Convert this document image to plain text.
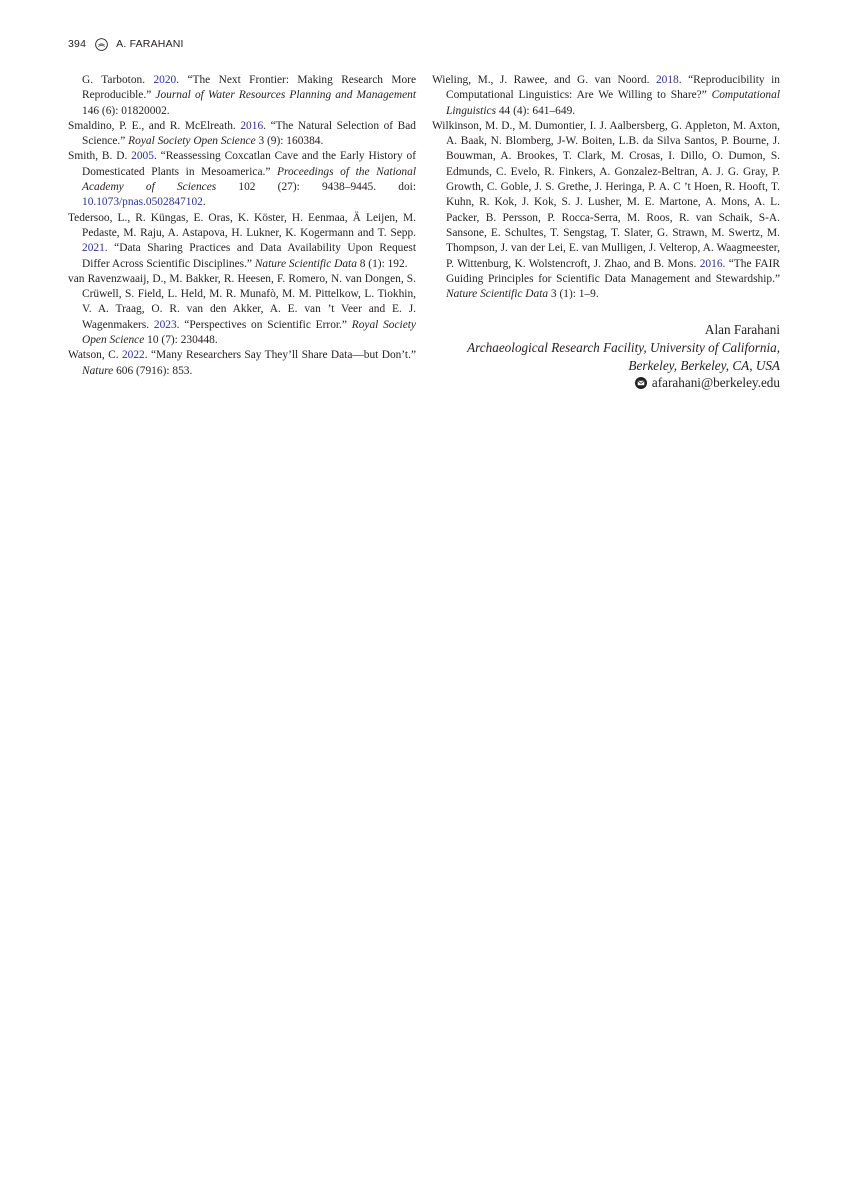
394	A. FARAHANI

G. Tarboton. 2020. “The Next Frontier: Making Research More Reproducible.” Journal of Water Resources Planning and Management 146 (6): 01820002.

Smaldino, P. E., and R. McElreath. 2016. “The Natural Selection of Bad Science.” Royal Society Open Science 3 (9): 160384.

Smith, B. D. 2005. “Reassessing Coxcatlan Cave and the Early History of Domesticated Plants in Mesoamerica.” Proceedings of the National Academy of Sciences 102 (27): 9438–9445. doi: 10.1073/pnas.0502847102.

Tedersoo, L., R. Küngas, E. Oras, K. Köster, H. Eenmaa, Ä Leijen, M. Pedaste, M. Raju, A. Astapova, H. Lukner, K. Kogermann and T. Sepp. 2021. “Data Sharing Practices and Data Availability Upon Request Differ Across Scientific Disciplines.” Nature Scientific Data 8 (1): 192.

van Ravenzwaaij, D., M. Bakker, R. Heesen, F. Romero, N. van Dongen, S. Crüwell, S. Field, L. Held, M. R. Munafò, M. M. Pittelkow, L. Tiokhin, V. A. Traag, O. R. van den Akker, A. E. van ’t Veer and E. J. Wagenmakers. 2023. “Perspectives on Scientific Error.” Royal Society Open Science 10 (7): 230448.

Watson, C. 2022. “Many Researchers Say They’ll Share Data—but Don’t.” Nature 606 (7916): 853.

Wieling, M., J. Rawee, and G. van Noord. 2018. “Reproducibility in Computational Linguistics: Are We Willing to Share?” Computational Linguistics 44 (4): 641–649.

Wilkinson, M. D., M. Dumontier, I. J. Aalbersberg, G. Appleton, M. Axton, A. Baak, N. Blomberg, J-W. Boiten, L.B. da Silva Santos, P. Bourne, J. Bouwman, A. Brookes, T. Clark, M. Crosas, I. Dillo, O. Dumon, S. Edmunds, C. Evelo, R. Finkers, A. Gonzalez-Beltran, A. J. G. Gray, P. Growth, C. Goble, J. S. Grethe, J. Heringa, P. A. C ’t Hoen, R. Hooft, T. Kuhn, R. Kok, J. Kok, S. J. Lusher, M. E. Martone, A. Mons, A. L. Packer, B. Persson, P. Rocca-Serra, M. Roos, R. van Schaik, S-A. Sansone, E. Schultes, T. Sengstag, T. Slater, G. Strawn, M. Swertz, M. Thompson, J. van der Lei, E. van Mulligen, J. Velterop, A. Waagmeester, P. Wittenburg, K. Wolstencroft, J. Zhao, and B. Mons. 2016. “The FAIR Guiding Principles for Scientific Data Management and Stewardship.” Nature Scientific Data 3 (1): 1–9.

Alan Farahani
Archaeological Research Facility, University of California,
Berkeley, Berkeley, CA, USA
afarahani@berkeley.edu
